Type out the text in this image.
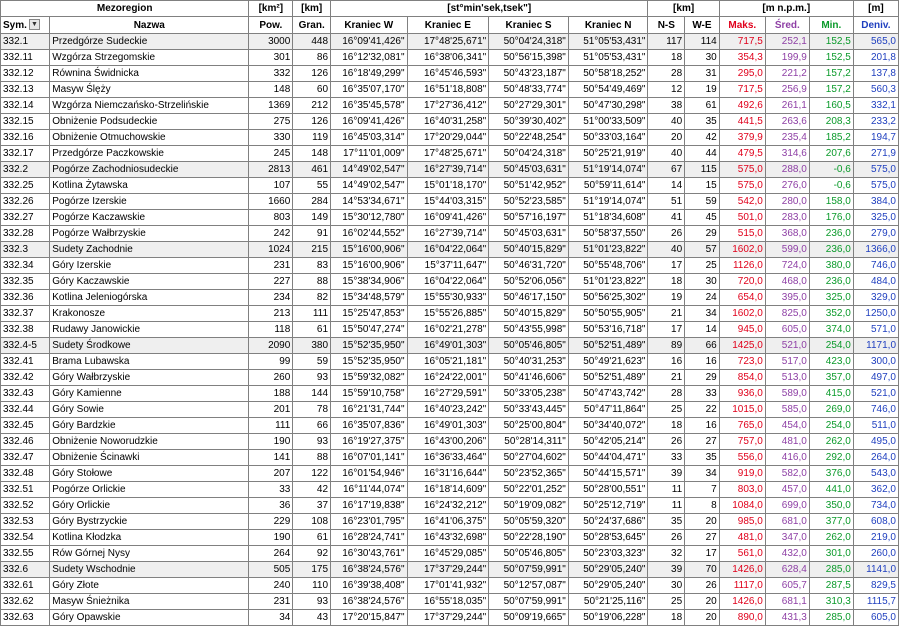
Mezoregion		[km²]	[km]	[st°min'sek,tsek"]				[km]		[m n.p.m.]			[m]
Sym. ▼	Nazwa	Pow.	Gran.	Kraniec W	Kraniec E	Kraniec S	Kraniec N	N-S	W-E	Maks.	Śred.	Min.	Deniv.
332.1	Przedgórze Sudeckie	3000	448	16°09'41,426"	17°48'25,671"	50°04'24,318"	51°05'53,431"	117	114	717,5	252,1	152,5	565,0
332.11	Wzgórza Strzegomskie	301	86	16°12'32,081"	16°38'06,341"	50°56'15,398"	51°05'53,431"	18	30	354,3	199,9	152,5	201,8
332.12	Równina Świdnicka	332	126	16°18'49,299"	16°45'46,593"	50°43'23,187"	50°58'18,252"	28	31	295,0	221,2	157,2	137,8
332.13	Masyw Ślęży	148	60	16°35'07,170"	16°51'18,808"	50°48'33,774"	50°54'49,469"	12	19	717,5	256,9	157,2	560,3
332.14	Wzgórza Niemczańsko-Strzelińskie	1369	212	16°35'45,578"	17°27'36,412"	50°27'29,301"	50°47'30,298"	38	61	492,6	261,1	160,5	332,1
332.15	Obniżenie Podsudeckie	275	126	16°09'41,426"	16°40'31,258"	50°39'30,402"	51°00'33,509"	40	35	441,5	263,6	208,3	233,2
332.16	Obniżenie Otmuchowskie	330	119	16°45'03,314"	17°20'29,044"	50°22'48,254"	50°33'03,164"	20	42	379,9	235,4	185,2	194,7
332.17	Przedgórze Paczkowskie	245	148	17°11'01,009"	17°48'25,671"	50°04'24,318"	50°25'21,919"	40	44	479,5	314,6	207,6	271,9
332.2	Pogórze Zachodniosudeckie	2813	461	14°49'02,547"	16°27'39,714"	50°45'03,631"	51°19'14,074"	67	115	575,0	288,0	-0,6	575,0
332.25	Kotlina Żytawska	107	55	14°49'02,547"	15°01'18,170"	50°51'42,952"	50°59'11,614"	14	15	575,0	276,0	-0,6	575,0
332.26	Pogórze Izerskie	1660	284	14°53'34,671"	15°44'03,315"	50°52'23,585"	51°19'14,074"	51	59	542,0	280,0	158,0	384,0
332.27	Pogórze Kaczawskie	803	149	15°30'12,780"	16°09'41,426"	50°57'16,197"	51°18'34,608"	41	45	501,0	283,0	176,0	325,0
332.28	Pogórze Wałbrzyskie	242	91	16°02'44,552"	16°27'39,714"	50°45'03,631"	50°58'37,550"	26	29	515,0	368,0	236,0	279,0
332.3	Sudety Zachodnie	1024	215	15°16'00,906"	16°04'22,064"	50°40'15,829"	51°01'23,822"	40	57	1602,0	599,0	236,0	1366,0
332.34	Góry Izerskie	231	83	15°16'00,906"	15°37'11,647"	50°46'31,720"	50°55'48,706"	17	25	1126,0	724,0	380,0	746,0
332.35	Góry Kaczawskie	227	88	15°38'34,906"	16°04'22,064"	50°52'06,056"	51°01'23,822"	18	30	720,0	468,0	236,0	484,0
332.36	Kotlina Jeleniogórska	234	82	15°34'48,579"	15°55'30,933"	50°46'17,150"	50°56'25,302"	19	24	654,0	395,0	325,0	329,0
332.37	Krakonosze	213	111	15°25'47,853"	15°55'26,885"	50°40'15,829"	50°50'55,905"	21	34	1602,0	825,0	352,0	1250,0
332.38	Rudawy Janowickie	118	61	15°50'47,274"	16°02'21,278"	50°43'55,998"	50°53'16,718"	17	14	945,0	605,0	374,0	571,0
332.4-5	Sudety Środkowe	2090	380	15°52'35,950"	16°49'01,303"	50°05'46,805"	50°52'51,489"	89	66	1425,0	521,0	254,0	1171,0
332.41	Brama Lubawska	99	59	15°52'35,950"	16°05'21,181"	50°40'31,253"	50°49'21,623"	16	16	723,0	517,0	423,0	300,0
332.42	Góry Wałbrzyskie	260	93	15°59'32,082"	16°24'22,001"	50°41'46,606"	50°52'51,489"	21	29	854,0	513,0	357,0	497,0
332.43	Góry Kamienne	188	144	15°59'10,758"	16°27'29,591"	50°33'05,238"	50°47'43,742"	28	33	936,0	589,0	415,0	521,0
332.44	Góry Sowie	201	78	16°21'31,744"	16°40'23,242"	50°33'43,445"	50°47'11,864"	25	22	1015,0	585,0	269,0	746,0
332.45	Góry Bardzkie	111	66	16°35'07,836"	16°49'01,303"	50°25'00,804"	50°34'40,072"	18	16	765,0	454,0	254,0	511,0
332.46	Obniżenie Noworudzkie	190	93	16°19'27,375"	16°43'00,206"	50°28'14,311"	50°42'05,214"	26	27	757,0	481,0	262,0	495,0
332.47	Obniżenie Ścinawki	141	88	16°07'01,141"	16°36'33,464"	50°27'04,602"	50°44'04,471"	33	35	556,0	416,0	292,0	264,0
332.48	Góry Stołowe	207	122	16°01'54,946"	16°31'16,644"	50°23'52,365"	50°44'15,571"	39	34	919,0	582,0	376,0	543,0
332.51	Pogórze Orlickie	33	42	16°11'44,074"	16°18'14,609"	50°22'01,252"	50°28'00,551"	11	7	803,0	457,0	441,0	362,0
332.52	Góry Orlickie	36	37	16°17'19,838"	16°24'32,212"	50°19'09,082"	50°25'12,719"	11	8	1084,0	699,0	350,0	734,0
332.53	Góry Bystrzyckie	229	108	16°23'01,795"	16°41'06,375"	50°05'59,320"	50°24'37,686"	35	20	985,0	681,0	377,0	608,0
332.54	Kotlina Kłodzka	190	61	16°28'24,741"	16°43'32,698"	50°22'28,190"	50°28'53,645"	26	27	481,0	347,0	262,0	219,0
332.55	Rów Górnej Nysy	264	92	16°30'43,761"	16°45'29,085"	50°05'46,805"	50°23'03,323"	32	17	561,0	432,0	301,0	260,0
332.6	Sudety Wschodnie	505	175	16°38'24,576"	17°37'29,244"	50°07'59,991"	50°29'05,240"	39	70	1426,0	628,4	285,0	1141,0
332.61	Góry Złote	240	110	16°39'38,408"	17°01'41,932"	50°12'57,087"	50°29'05,240"	30	26	1117,0	605,7	287,5	829,5
332.62	Masyw Śnieżnika	231	93	16°38'24,576"	16°55'18,035"	50°07'59,991"	50°21'25,116"	25	20	1426,0	681,1	310,3	1115,7
332.63	Góry Opawskie	34	43	17°20'15,847"	17°37'29,244"	50°09'19,665"	50°19'06,228"	18	20	890,0	431,3	285,0	605,0
